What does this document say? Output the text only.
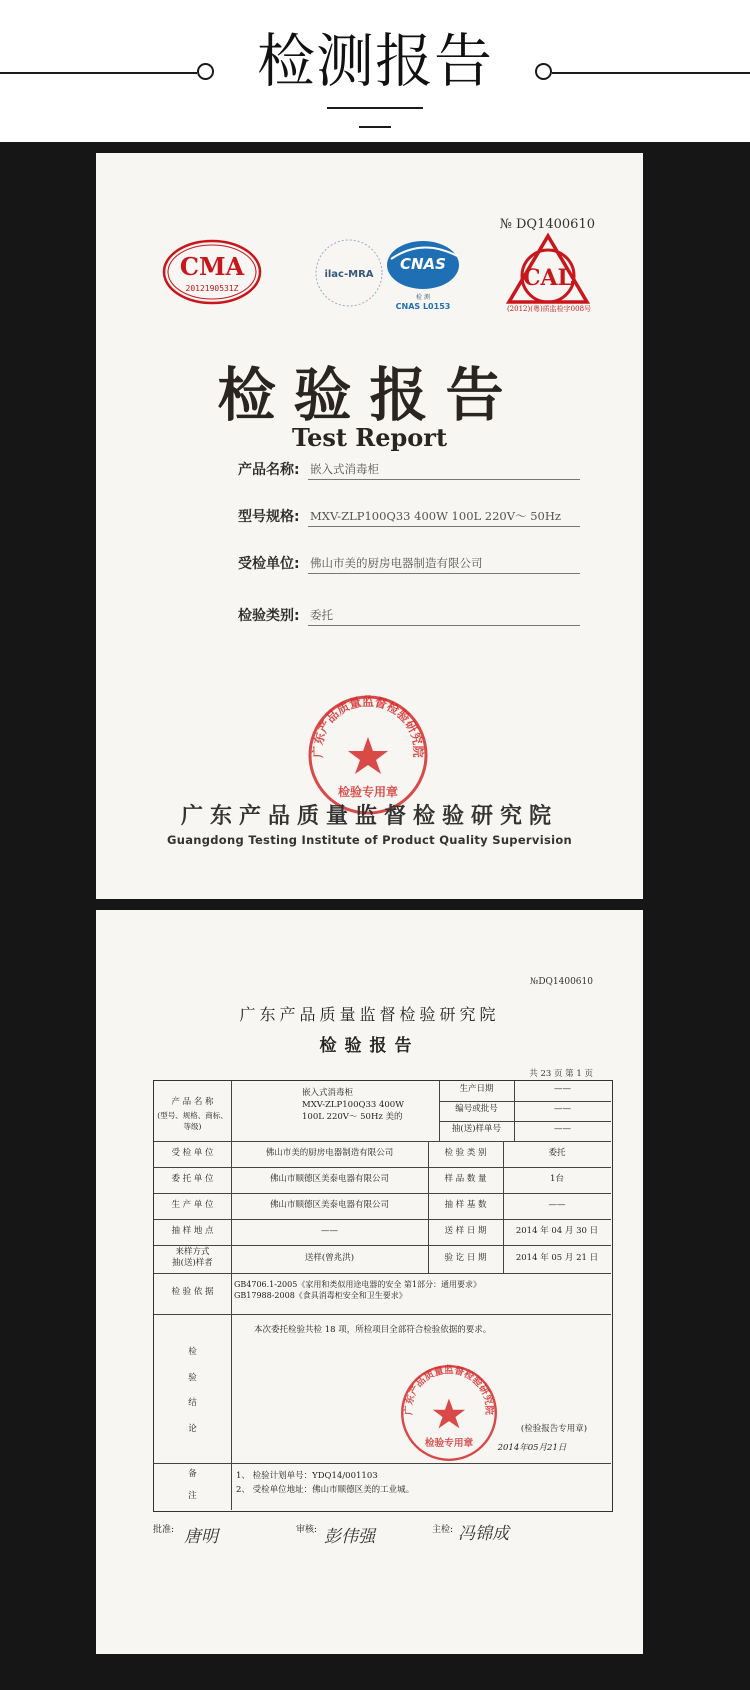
检测报告
№ DQ1400610
CMA
2012190531Z
ilac-MRA
CNAS
检 测
CNAS L0153
CAL
(2012)(粤)质监检字008号
检验报告
Test Report
产品名称: 嵌入式消毒柜
型号规格: MXV-ZLP100Q33 400W 100L 220V～ 50Hz
受检单位: 佛山市美的厨房电器制造有限公司
检验类别: 委托
广东产品质量监督检验研究院
检验专用章
广东产品质量监督检验研究院
Guangdong Testing Institute of Product Quality Supervision
№DQ1400610
广东产品质量监督检验研究院
检验报告
共 23 页 第 1 页
产 品 名 称
(型号、规格、商标、等级)
嵌入式消毒柜
MXV-ZLP100Q33 400W
100L 220V～ 50Hz 美的
生产日期	——
编号或批号	——
抽(送)样单号	——
受 检 单 位	佛山市美的厨房电器制造有限公司	检 验 类 别	委托
委 托 单 位	佛山市顺德区美泰电器有限公司	样 品 数 量	1台
生 产 单 位	佛山市顺德区美泰电器有限公司	抽 样 基 数	——
抽 样 地 点	——	送 样 日 期	2014 年 04 月 30 日
来样方式
抽(送)样者
送样(曾兆洪)	验 讫 日 期	2014 年 05 月 21 日
检 验 依 据
GB4706.1-2005《家用和类似用途电器的安全 第1部分：通用要求》
GB17988-2008《食具消毒柜安全和卫生要求》
检

验

结

论
本次委托检验共检 18 项，所检项目全部符合检验依据的要求。
广东产品质量监督检验研究院
检验专用章
(检验报告专用章)
2014年05月21日
备

注
1、 检验计划单号：YDQ14/001103
2、 受检单位地址：佛山市顺德区美的工业城。
批准: 唐明	审核: 彭伟强	主检: 冯锦成
